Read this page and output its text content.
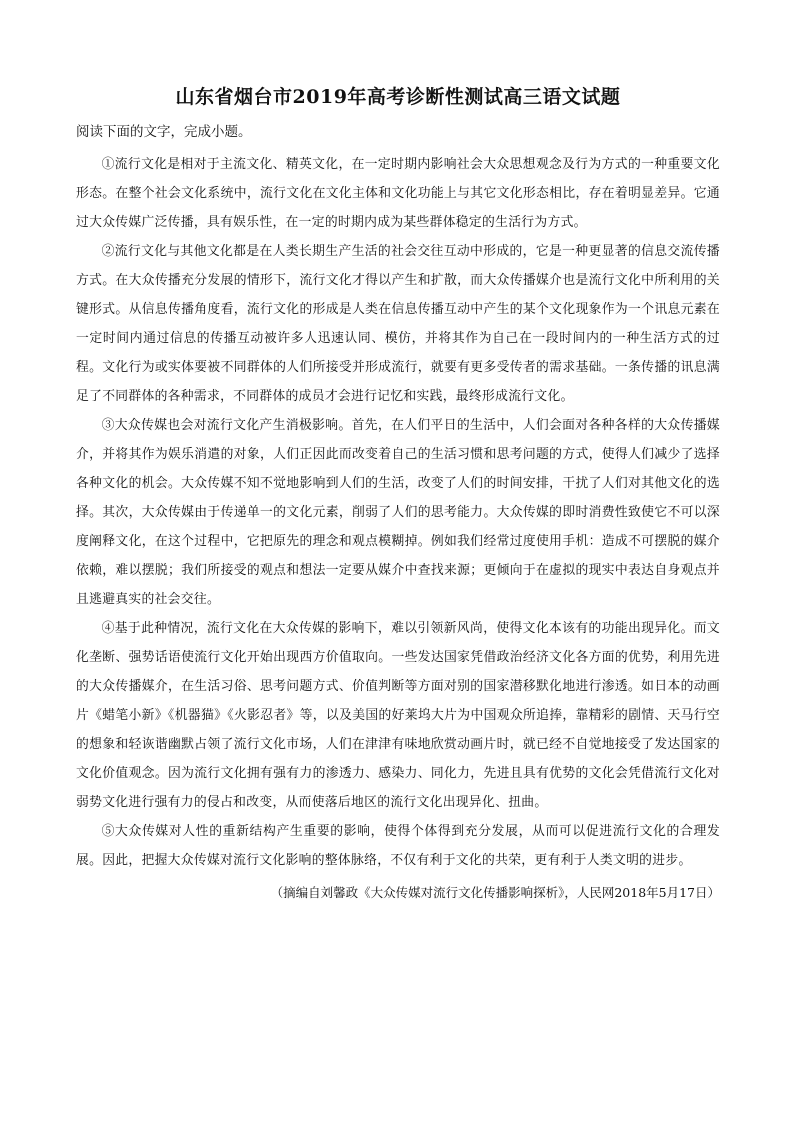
山东省烟台市2019年高考诊断性测试高三语文试题

阅读下面的文字，完成小题。

①流行文化是相对于主流文化、精英文化，在一定时期内影响社会大众思想观念及行为方式的一种重要文化形态。在整个社会文化系统中，流行文化在文化主体和文化功能上与其它文化形态相比，存在着明显差异。它通过大众传媒广泛传播，具有娱乐性，在一定的时期内成为某些群体稳定的生活行为方式。

②流行文化与其他文化都是在人类长期生产生活的社会交往互动中形成的，它是一种更显著的信息交流传播方式。在大众传播充分发展的情形下，流行文化才得以产生和扩散，而大众传播媒介也是流行文化中所利用的关键形式。从信息传播角度看，流行文化的形成是人类在信息传播互动中产生的某个文化现象作为一个讯息元素在一定时间内通过信息的传播互动被许多人迅速认同、模仿，并将其作为自己在一段时间内的一种生活方式的过程。文化行为或实体要被不同群体的人们所接受并形成流行，就要有更多受传者的需求基础。一条传播的讯息满足了不同群体的各种需求，不同群体的成员才会进行记忆和实践，最终形成流行文化。

③大众传媒也会对流行文化产生消极影响。首先，在人们平日的生活中，人们会面对各种各样的大众传播媒介，并将其作为娱乐消遣的对象，人们正因此而改变着自己的生活习惯和思考问题的方式，使得人们减少了选择各种文化的机会。大众传媒不知不觉地影响到人们的生活，改变了人们的时间安排，干扰了人们对其他文化的选择。其次，大众传媒由于传递单一的文化元素，削弱了人们的思考能力。大众传媒的即时消费性致使它不可以深度阐释文化，在这个过程中，它把原先的理念和观点模糊掉。例如我们经常过度使用手机：造成不可摆脱的媒介依赖，难以摆脱；我们所接受的观点和想法一定要从媒介中查找来源；更倾向于在虚拟的现实中表达自身观点并且逃避真实的社会交往。

④基于此种情况，流行文化在大众传媒的影响下，难以引领新风尚，使得文化本该有的功能出现异化。而文化垄断、强势话语使流行文化开始出现西方价值取向。一些发达国家凭借政治经济文化各方面的优势，利用先进的大众传播媒介，在生活习俗、思考问题方式、价值判断等方面对别的国家潜移默化地进行渗透。如日本的动画片《蜡笔小新》《机器猫》《火影忍者》等，以及美国的好莱坞大片为中国观众所追捧，靠精彩的剧情、天马行空的想象和轻诙谐幽默占领了流行文化市场，人们在津津有味地欣赏动画片时，就已经不自觉地接受了发达国家的文化价值观念。因为流行文化拥有强有力的渗透力、感染力、同化力，先进且具有优势的文化会凭借流行文化对弱势文化进行强有力的侵占和改变，从而使落后地区的流行文化出现异化、扭曲。

⑤大众传媒对人性的重新结构产生重要的影响，使得个体得到充分发展，从而可以促进流行文化的合理发展。因此，把握大众传媒对流行文化影响的整体脉络，不仅有利于文化的共荣，更有利于人类文明的进步。

（摘编自刘馨政《大众传媒对流行文化传播影响探析》，人民网2018年5月17日）
